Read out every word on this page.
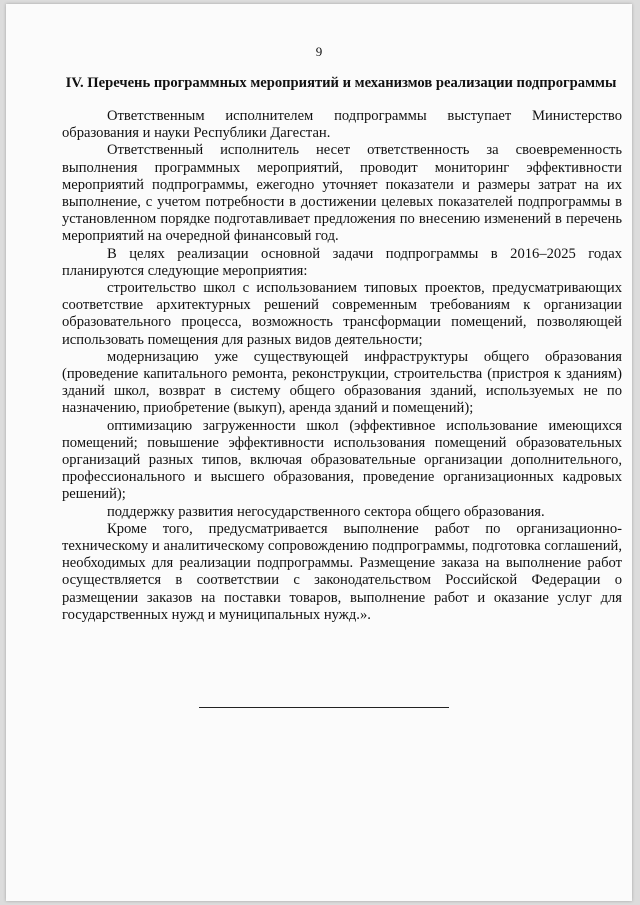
9
IV. Перечень программных мероприятий и механизмов реализации подпрограммы

Ответственным исполнителем подпрограммы выступает Министерство образования и науки Республики Дагестан.

Ответственный исполнитель несет ответственность за своевременность выполнения программных мероприятий, проводит мониторинг эффективности мероприятий подпрограммы, ежегодно уточняет показатели и размеры затрат на их выполнение, с учетом потребности в достижении целевых показателей подпрограммы в установленном порядке подготавливает предложения по внесению изменений в перечень мероприятий на очередной финансовый год.

В целях реализации основной задачи подпрограммы в 2016–2025 годах планируются следующие мероприятия:

строительство школ с использованием типовых проектов, предусматривающих соответствие архитектурных решений современным требованиям к организации образовательного процесса, возможность трансформации помещений, позволяющей использовать помещения для разных видов деятельности;

модернизацию уже существующей инфраструктуры общего образования (проведение капитального ремонта, реконструкции, строительства (пристроя к зданиям) зданий школ, возврат в систему общего образования зданий, используемых не по назначению, приобретение (выкуп), аренда зданий и помещений);

оптимизацию загруженности школ (эффективное использование имеющихся помещений; повышение эффективности использования помещений образовательных организаций разных типов, включая образовательные организации дополнительного, профессионального и высшего образования, проведение организационных кадровых решений);

поддержку развития негосударственного сектора общего образования.

Кроме того, предусматривается выполнение работ по организационно-техническому и аналитическому сопровождению подпрограммы, подготовка соглашений, необходимых для реализации подпрограммы. Размещение заказа на выполнение работ осуществляется в соответствии с законодательством Российской Федерации о размещении заказов на поставки товаров, выполнение работ и оказание услуг для государственных нужд и муниципальных нужд.».
